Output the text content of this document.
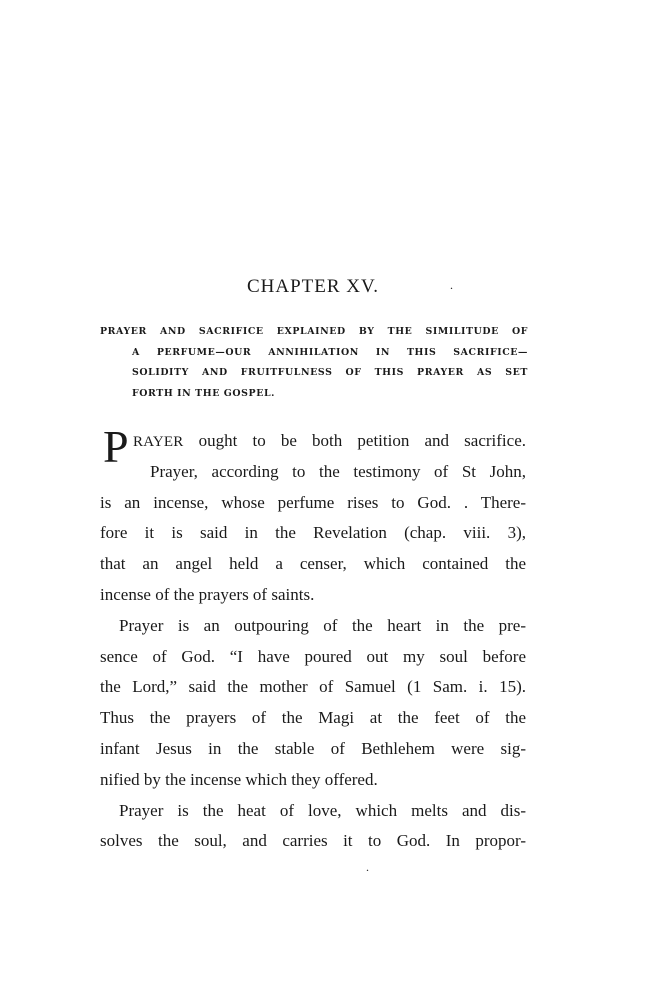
CHAPTER XV.	.
PRAYER AND SACRIFICE EXPLAINED BY THE SIMILITUDE OF
A PERFUME—OUR ANNIHILATION IN THIS SACRIFICE—
SOLIDITY AND FRUITFULNESS OF THIS PRAYER AS SET
FORTH IN THE GOSPEL.
P RAYER ought to be both petition and sacrifice.
Prayer, according to the testimony of St John,
is an incense, whose perfume rises to God. . There-
fore it is said in the Revelation (chap. viii. 3),
that an angel held a censer, which contained the
incense of the prayers of saints.
Prayer is an outpouring of the heart in the pre-
sence of God. “I have poured out my soul before
the Lord,” said the mother of Samuel (1 Sam. i. 15).
Thus the prayers of the Magi at the feet of the
infant Jesus in the stable of Bethlehem were sig-
nified by the incense which they offered.
Prayer is the heat of love, which melts and dis-
solves the soul, and carries it to God. In propor-
.
